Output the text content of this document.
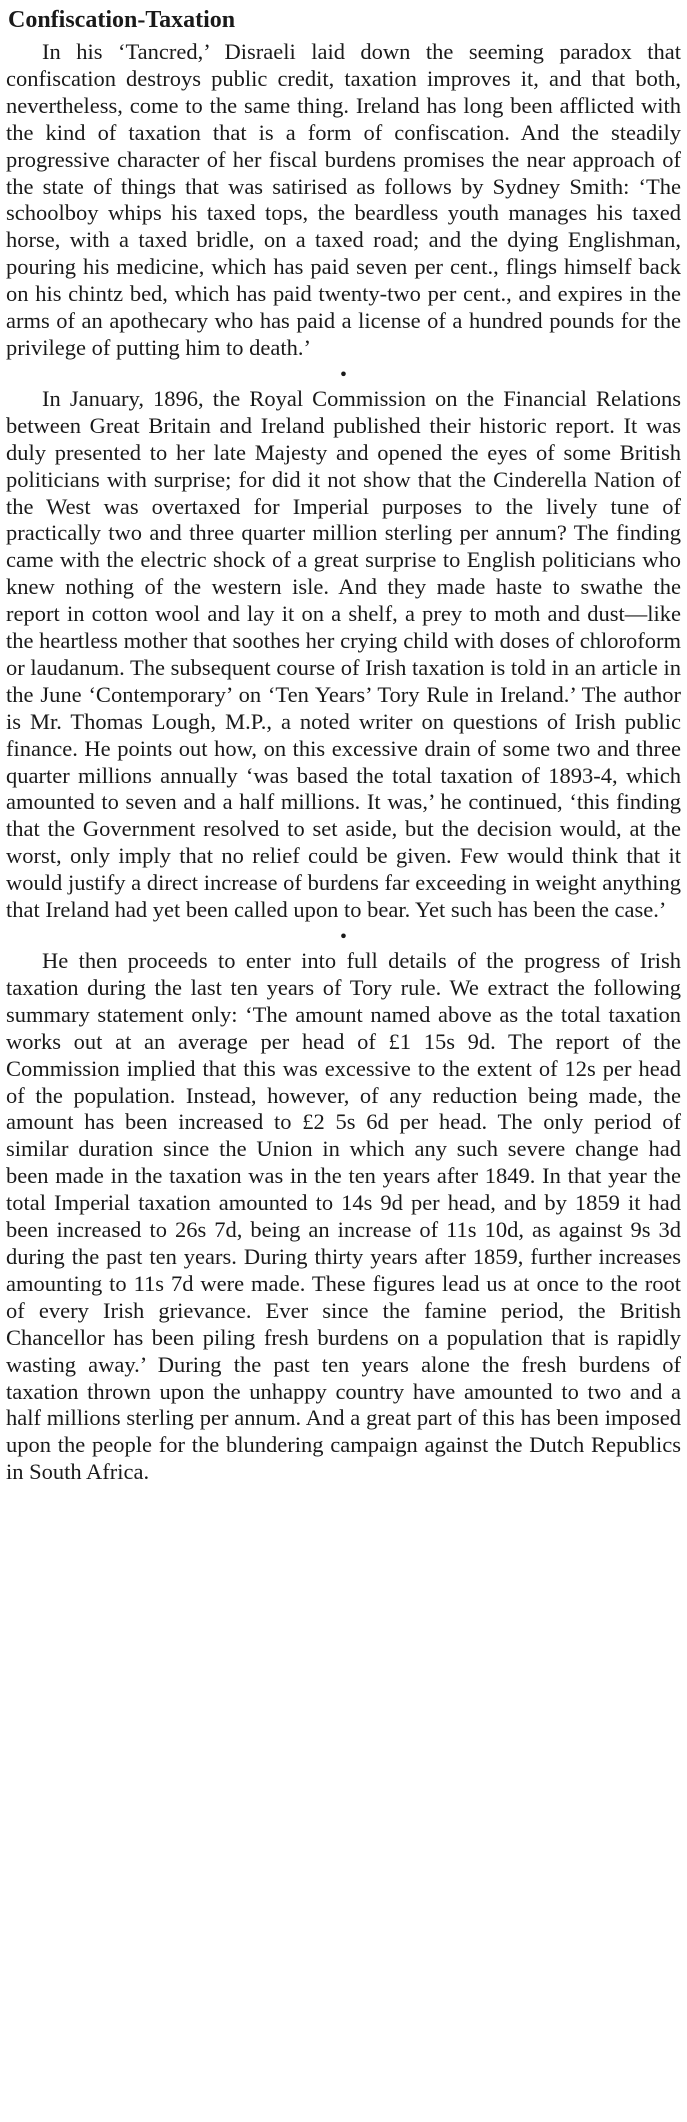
Confiscation-Taxation

In his ‘Tancred,’ Disraeli laid down the seeming paradox that confiscation destroys public credit, taxation improves it, and that both, nevertheless, come to the same thing. Ireland has long been afflicted with the kind of taxation that is a form of confiscation. And the steadily progressive character of her fiscal burdens promises the near approach of the state of things that was satirised as follows by Sydney Smith: ‘The schoolboy whips his taxed tops, the beardless youth manages his taxed horse, with a taxed bridle, on a taxed road; and the dying Englishman, pouring his medicine, which has paid seven per cent., flings himself back on his chintz bed, which has paid twenty-two per cent., and expires in the arms of an apothecary who has paid a license of a hundred pounds for the privilege of putting him to death.’

•

In January, 1896, the Royal Commission on the Financial Relations between Great Britain and Ireland published their historic report. It was duly presented to her late Majesty and opened the eyes of some British politicians with surprise; for did it not show that the Cinderella Nation of the West was overtaxed for Imperial purposes to the lively tune of practically two and three quarter million sterling per annum? The finding came with the electric shock of a great surprise to English politicians who knew nothing of the western isle. And they made haste to swathe the report in cotton wool and lay it on a shelf, a prey to moth and dust—like the heartless mother that soothes her crying child with doses of chloroform or laudanum. The subsequent course of Irish taxation is told in an article in the June ‘Contemporary’ on ‘Ten Years’ Tory Rule in Ireland.’ The author is Mr. Thomas Lough, M.P., a noted writer on questions of Irish public finance. He points out how, on this excessive drain of some two and three quarter millions annually ‘was based the total taxation of 1893-4, which amounted to seven and a half millions. It was,’ he continued, ‘this finding that the Government resolved to set aside, but the decision would, at the worst, only imply that no relief could be given. Few would think that it would justify a direct increase of burdens far exceeding in weight anything that Ireland had yet been called upon to bear. Yet such has been the case.’

•

He then proceeds to enter into full details of the progress of Irish taxation during the last ten years of Tory rule. We extract the following summary statement only: ‘The amount named above as the total taxation works out at an average per head of £1 15s 9d. The report of the Commission implied that this was excessive to the extent of 12s per head of the population. Instead, however, of any reduction being made, the amount has been increased to £2 5s 6d per head. The only period of similar duration since the Union in which any such severe change had been made in the taxation was in the ten years after 1849. In that year the total Imperial taxation amounted to 14s 9d per head, and by 1859 it had been increased to 26s 7d, being an increase of 11s 10d, as against 9s 3d during the past ten years. During thirty years after 1859, further increases amounting to 11s 7d were made. These figures lead us at once to the root of every Irish grievance. Ever since the famine period, the British Chancellor has been piling fresh burdens on a population that is rapidly wasting away.’ During the past ten years alone the fresh burdens of taxation thrown upon the unhappy country have amounted to two and a half millions sterling per annum. And a great part of this has been imposed upon the people for the blundering campaign against the Dutch Republics in South Africa.
